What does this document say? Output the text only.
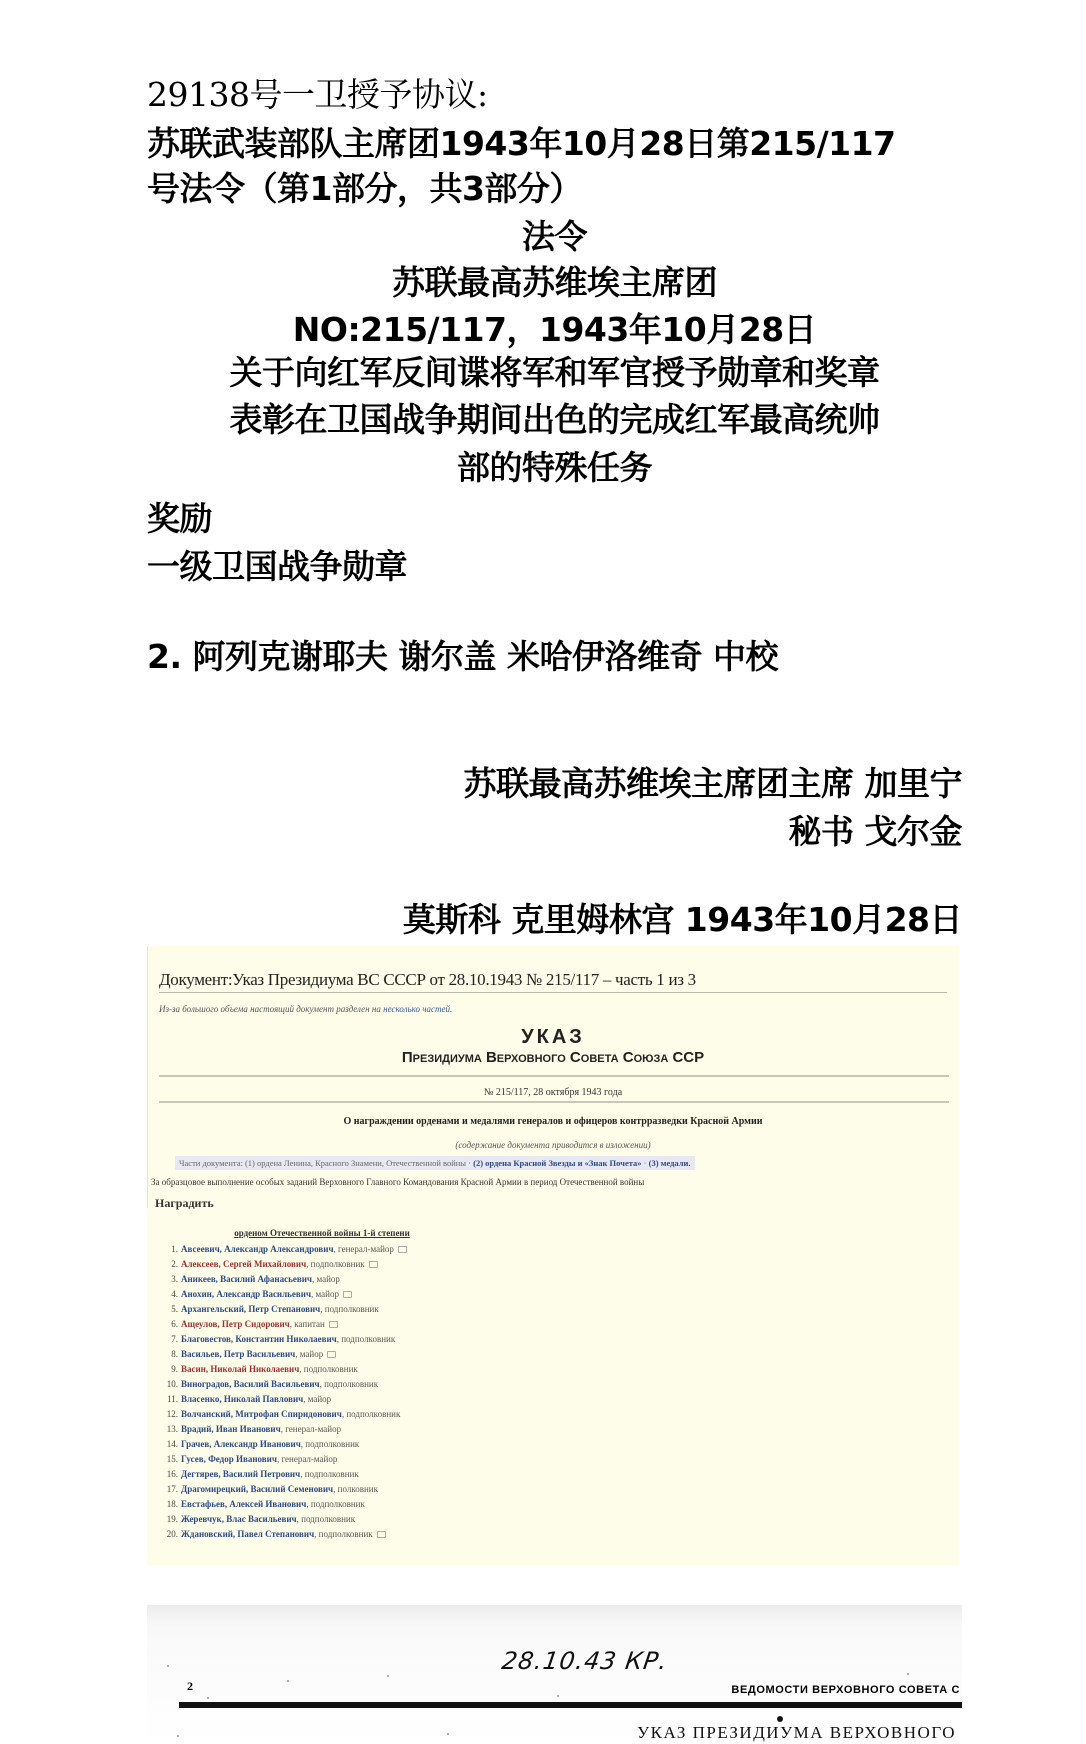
29138号一卫授予协议:
苏联武装部队主席团1943年10月28日第215/117
号法令（第1部分，共3部分）
法令
苏联最高苏维埃主席团
NO:215/117，1943年10月28日
关于向红军反间谍将军和军官授予勋章和奖章
表彰在卫国战争期间出色的完成红军最高统帅
部的特殊任务
奖励
一级卫国战争勋章
2. 阿列克谢耶夫 谢尔盖 米哈伊洛维奇 中校
苏联最高苏维埃主席团主席 加里宁
秘书 戈尔金
莫斯科 克里姆林宫 1943年10月28日
Документ:Указ Президиума ВС СССР от 28.10.1943 № 215/117 – часть 1 из 3
Из-за большого объема настоящий документ разделен на несколько частей.
УКАЗ
Президиума Верховного Совета Союза ССР
№ 215/117, 28 октября 1943 года
О награждении орденами и медалями генералов и офицеров контрразведки Красной Армии
(содержание документа приводится в изложении)
Части документа: (1) ордена Ленина, Красного Знамени, Отечественной войны · (2) ордена Красной Звезды и «Знак Почета» · (3) медали.
За образцовое выполнение особых заданий Верховного Главного Командования Красной Армии в период Отечественной войны
Наградить
орденом Отечественной войны 1-й степени
1. Авсеевич, Александр Александрович, генерал-майор
2. Алексеев, Сергей Михайлович, подполковник
3. Аникеев, Василий Афанасьевич, майор
4. Анохин, Александр Васильевич, майор
5. Архангельский, Петр Степанович, подполковник
6. Ащеулов, Петр Сидорович, капитан
7. Благовестов, Константин Николаевич, подполковник
8. Васильев, Петр Васильевич, майор
9. Васин, Николай Николаевич, подполковник
10. Виноградов, Василий Васильевич, подполковник
11. Власенко, Николай Павлович, майор
12. Волчанский, Митрофан Спиридонович, подполковник
13. Врадий, Иван Иванович, генерал-майор
14. Грачев, Александр Иванович, подполковник
15. Гусев, Федор Иванович, генерал-майор
16. Дегтярев, Василий Петрович, подполковник
17. Драгомирецкий, Василий Семенович, полковник
18. Евстафьев, Алексей Иванович, подполковник
19. Жеревчук, Влас Васильевич, подполковник
20. Ждановский, Павел Степанович, подполковник
28.10.43 КР.
2	ВЕДОМОСТИ ВЕРХОВНОГО СОВЕТА С
УКАЗ ПРЕЗИДИУМА ВЕРХОВНОГО
